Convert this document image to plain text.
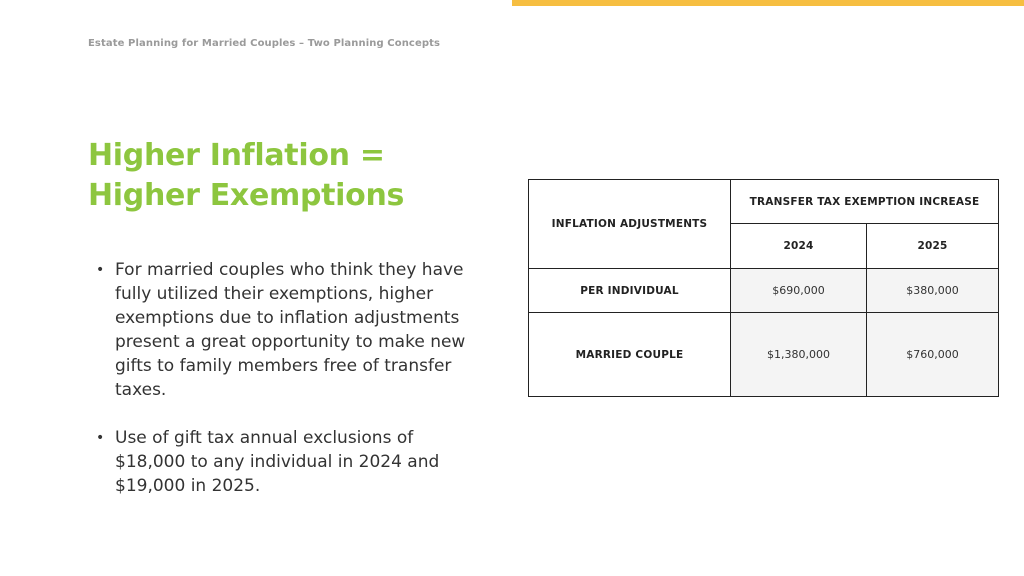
Estate Planning for Married Couples – Two Planning Concepts
Higher Inflation =
Higher Exemptions
• For married couples who think they have fully utilized their exemptions, higher exemptions due to inflation adjustments present a great opportunity to make new gifts to family members free of transfer taxes.
• Use of gift tax annual exclusions of $18,000 to any individual in 2024 and $19,000 in 2025.
INFLATION ADJUSTMENTS	TRANSFER TAX EXEMPTION INCREASE	
	2024	2025
PER INDIVIDUAL	$690,000	$380,000
MARRIED COUPLE	$1,380,000	$760,000
